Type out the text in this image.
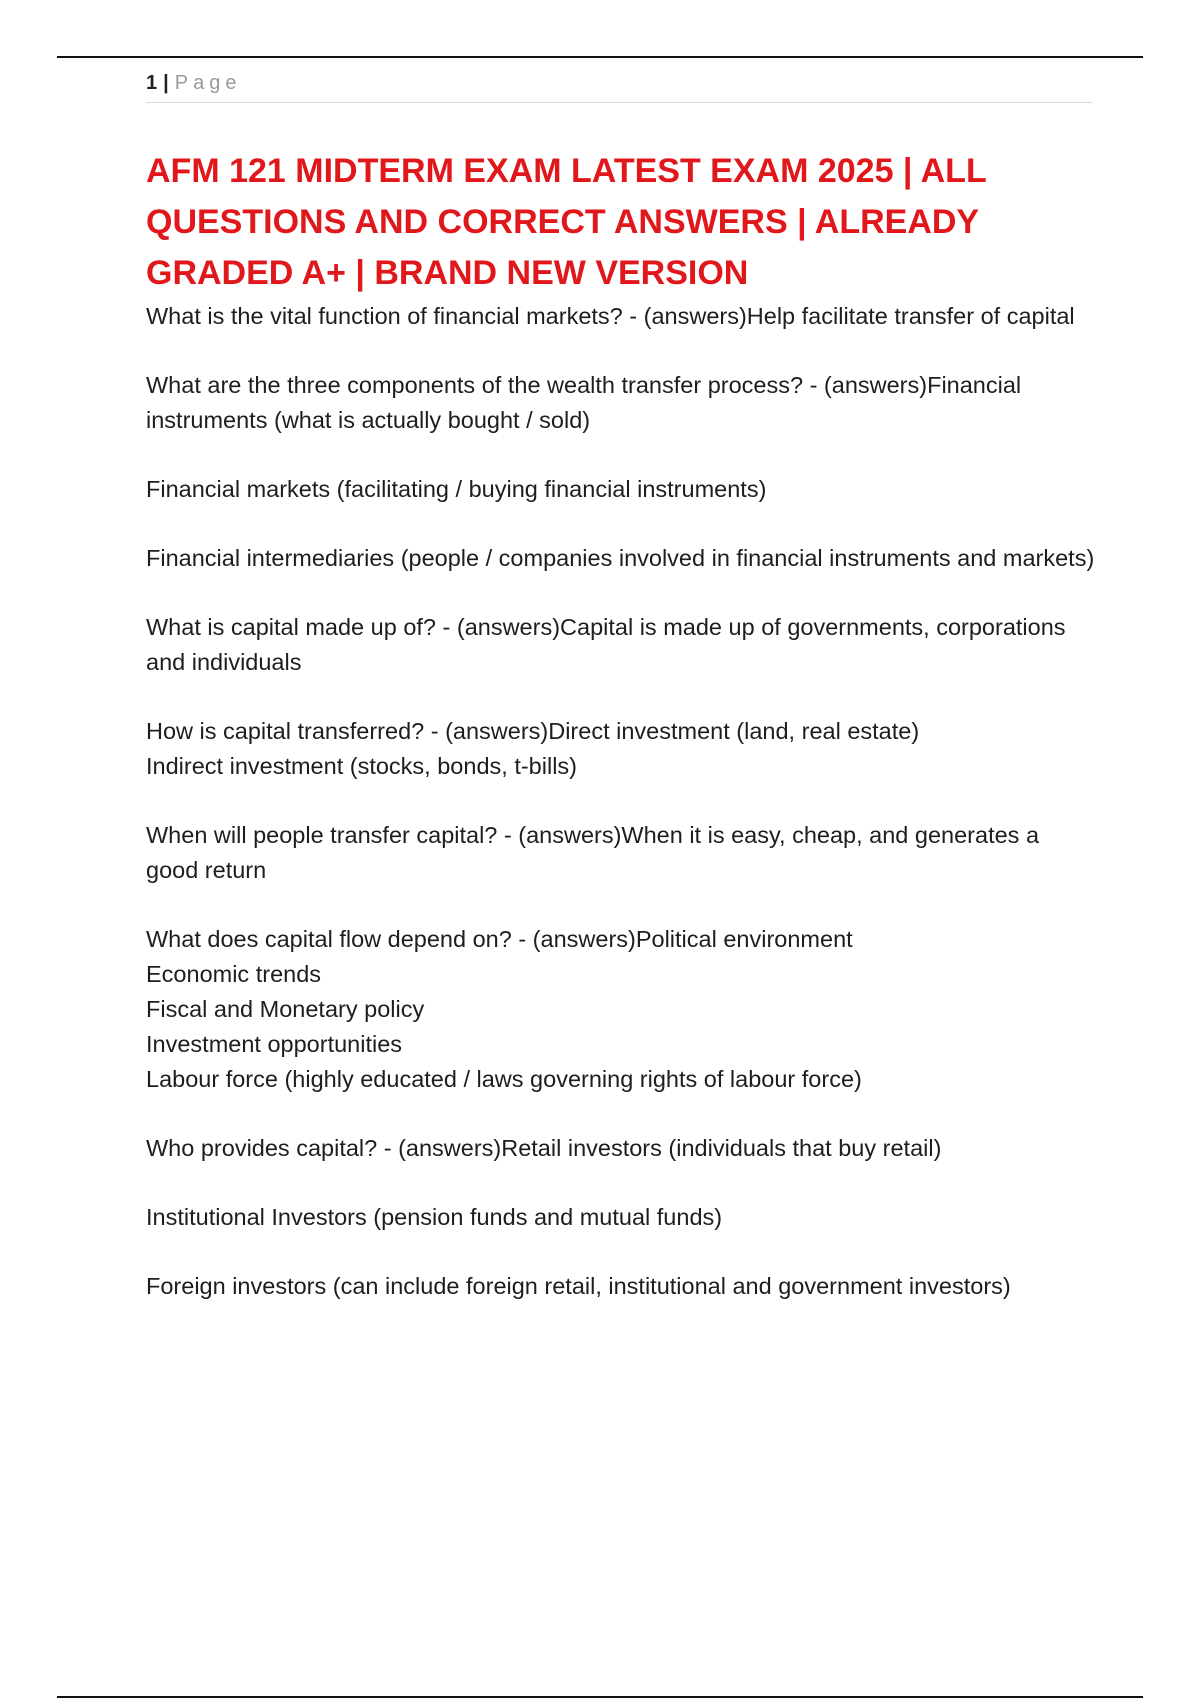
1 | Page
AFM 121 MIDTERM EXAM LATEST EXAM 2025 | ALL QUESTIONS AND CORRECT ANSWERS | ALREADY GRADED A+ | BRAND NEW VERSION

What is the vital function of financial markets? - (answers)Help facilitate transfer of capital

What are the three components of the wealth transfer process? - (answers)Financial instruments (what is actually bought / sold)

Financial markets (facilitating / buying financial instruments)

Financial intermediaries (people / companies involved in financial instruments and markets)

What is capital made up of? - (answers)Capital is made up of governments, corporations and individuals

How is capital transferred? - (answers)Direct investment (land, real estate)
Indirect investment (stocks, bonds, t-bills)

When will people transfer capital? - (answers)When it is easy, cheap, and generates a good return

What does capital flow depend on? - (answers)Political environment
Economic trends
Fiscal and Monetary policy
Investment opportunities
Labour force (highly educated / laws governing rights of labour force)

Who provides capital? - (answers)Retail investors (individuals that buy retail)

Institutional Investors (pension funds and mutual funds)

Foreign investors (can include foreign retail, institutional and government investors)
